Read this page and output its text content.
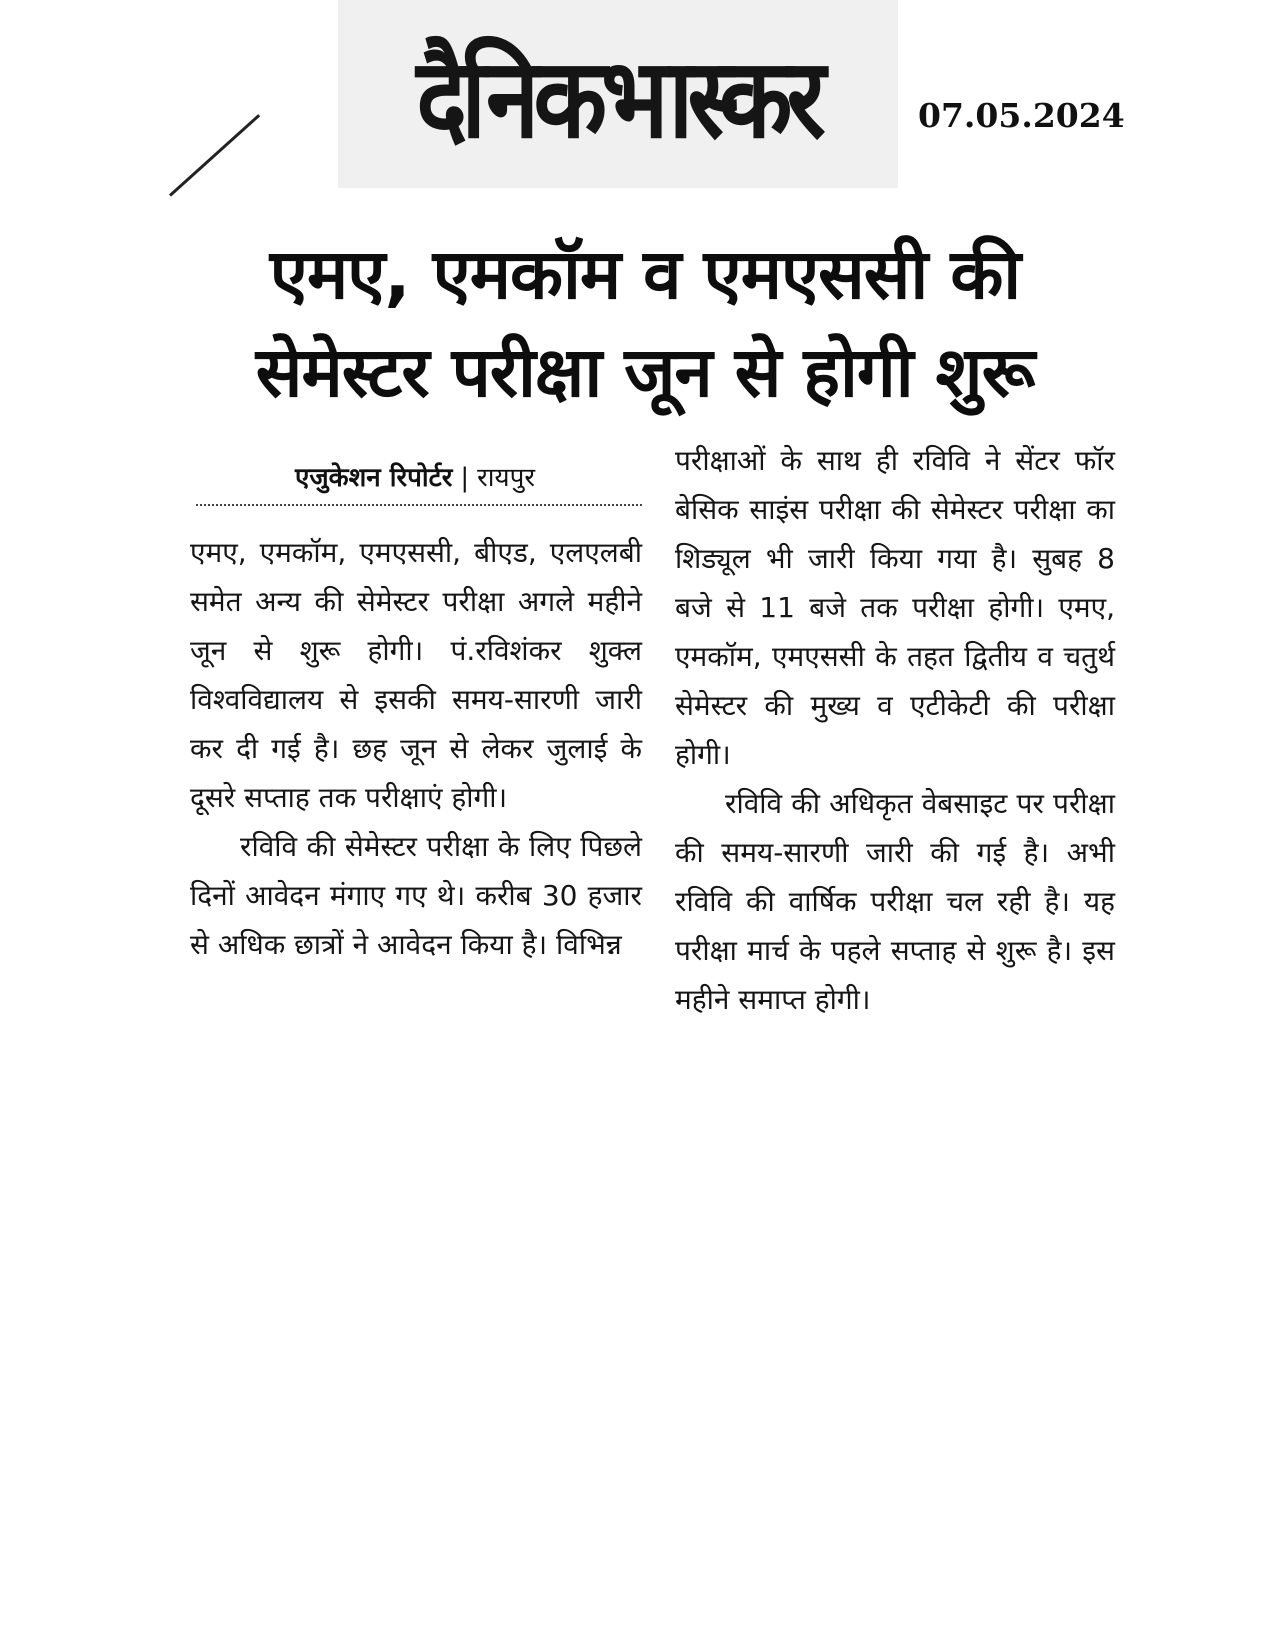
दैनिकभास्कर	07.05.2024
एमए, एमकॉम व एमएससी की
सेमेस्टर परीक्षा जून से होगी शुरू
एजुकेशन रिपोर्टर | रायपुर

एमए, एमकॉम, एमएससी, बीएड, एलएलबी समेत अन्य की सेमेस्टर परीक्षा अगले महीने जून से शुरू होगी। पं.रविशंकर शुक्ल विश्वविद्यालय से इसकी समय-सारणी जारी कर दी गई है। छह जून से लेकर जुलाई के दूसरे सप्ताह तक परीक्षाएं होगी।

रविवि की सेमेस्टर परीक्षा के लिए पिछले दिनों आवेदन मंगाए गए थे। करीब 30 हजार से अधिक छात्रों ने आवेदन किया है। विभिन्न

परीक्षाओं के साथ ही रविवि ने सेंटर फॉर बेसिक साइंस परीक्षा की सेमेस्टर परीक्षा का शिड्यूल भी जारी किया गया है। सुबह 8 बजे से 11 बजे तक परीक्षा होगी। एमए, एमकॉम, एमएससी के तहत द्वितीय व चतुर्थ सेमेस्टर की मुख्य व एटीकेटी की परीक्षा होगी।

रविवि की अधिकृत वेबसाइट पर परीक्षा की समय-सारणी जारी की गई है। अभी रविवि की वार्षिक परीक्षा चल रही है। यह परीक्षा मार्च के पहले सप्ताह से शुरू है। इस महीने समाप्त होगी।
